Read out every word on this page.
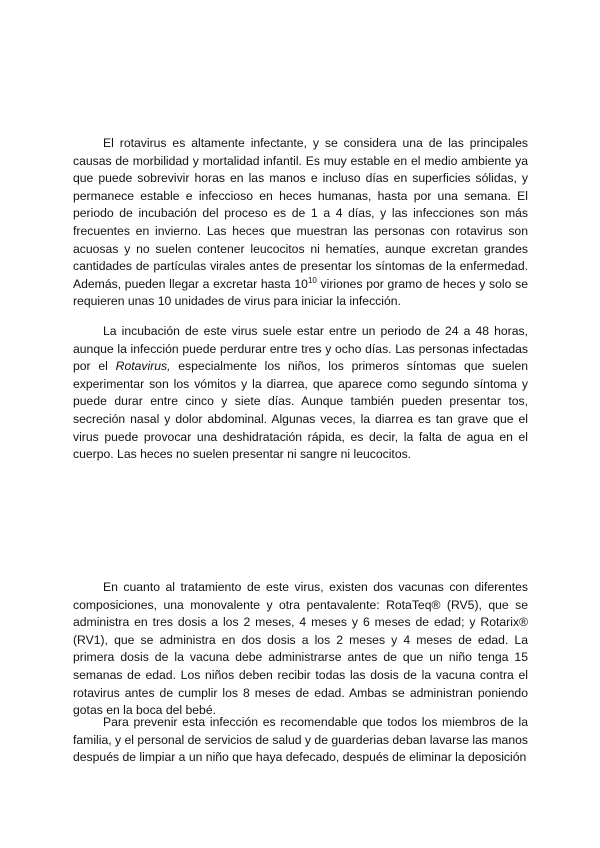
El rotavirus es altamente infectante, y se considera una de las principales causas de morbilidad y mortalidad infantil. Es muy estable en el medio ambiente ya que puede sobrevivir horas en las manos e incluso días en superficies sólidas, y permanece estable e infeccioso en heces humanas, hasta por una semana. El periodo de incubación del proceso es de 1 a 4 días, y las infecciones son más frecuentes en invierno. Las heces que muestran las personas con rotavirus son acuosas y no suelen contener leucocitos ni hematíes, aunque excretan grandes cantidades de partículas virales antes de presentar los síntomas de la enfermedad. Además, pueden llegar a excretar hasta $10^{10}$ viriones por gramo de heces y solo se requieren unas 10 unidades de virus para iniciar la infección.

La incubación de este virus suele estar entre un periodo de 24 a 48 horas, aunque la infección puede perdurar entre tres y ocho días. Las personas infectadas por el Rotavirus, especialmente los niños, los primeros síntomas que suelen experimentar son los vómitos y la diarrea, que aparece como segundo síntoma y puede durar entre cinco y siete días. Aunque también pueden presentar tos, secreción nasal y dolor abdominal. Algunas veces, la diarrea es tan grave que el virus puede provocar una deshidratación rápida, es decir, la falta de agua en el cuerpo. Las heces no suelen presentar ni sangre ni leucocitos.

En cuanto al tratamiento de este virus, existen dos vacunas con diferentes composiciones, una monovalente y otra pentavalente: RotaTeq® (RV5), que se administra en tres dosis a los 2 meses, 4 meses y 6 meses de edad; y Rotarix® (RV1), que se administra en dos dosis a los 2 meses y 4 meses de edad. La primera dosis de la vacuna debe administrarse antes de que un niño tenga 15 semanas de edad. Los niños deben recibir todas las dosis de la vacuna contra el rotavirus antes de cumplir los 8 meses de edad. Ambas se administran poniendo gotas en la boca del bebé.

Para prevenir esta infección es recomendable que todos los miembros de la familia, y el personal de servicios de salud y de guarderias deban lavarse las manos después de limpiar a un niño que haya defecado, después de eliminar la deposición
